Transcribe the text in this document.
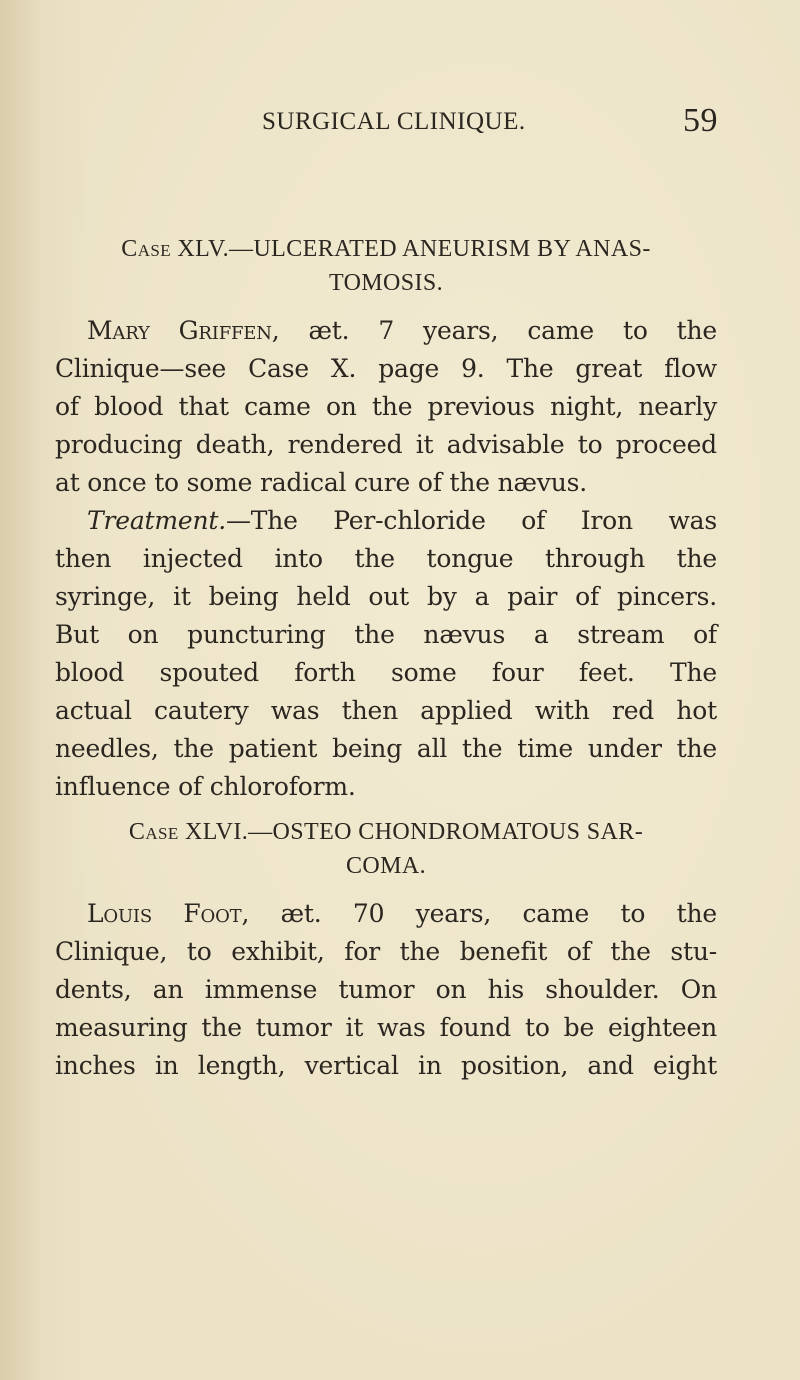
SURGICAL CLINIQUE.	59
Case XLV.—ULCERATED ANEURISM BY ANAS-
TOMOSIS.
Mary Griffen, æt. 7 years, came to the
Clinique—see Case X. page 9. The great flow
of blood that came on the previous night, nearly
producing death, rendered it advisable to proceed
at once to some radical cure of the nævus.
Treatment.—The Per-chloride of Iron was
then injected into the tongue through the
syringe, it being held out by a pair of pincers.
But on puncturing the nævus a stream of
blood spouted forth some four feet. The
actual cautery was then applied with red hot
needles, the patient being all the time under the
influence of chloroform.
Case XLVI.—OSTEO CHONDROMATOUS SAR-
COMA.
Louis Foot, æt. 70 years, came to the
Clinique, to exhibit, for the benefit of the stu-
dents, an immense tumor on his shoulder. On
measuring the tumor it was found to be eighteen
inches in length, vertical in position, and eight
